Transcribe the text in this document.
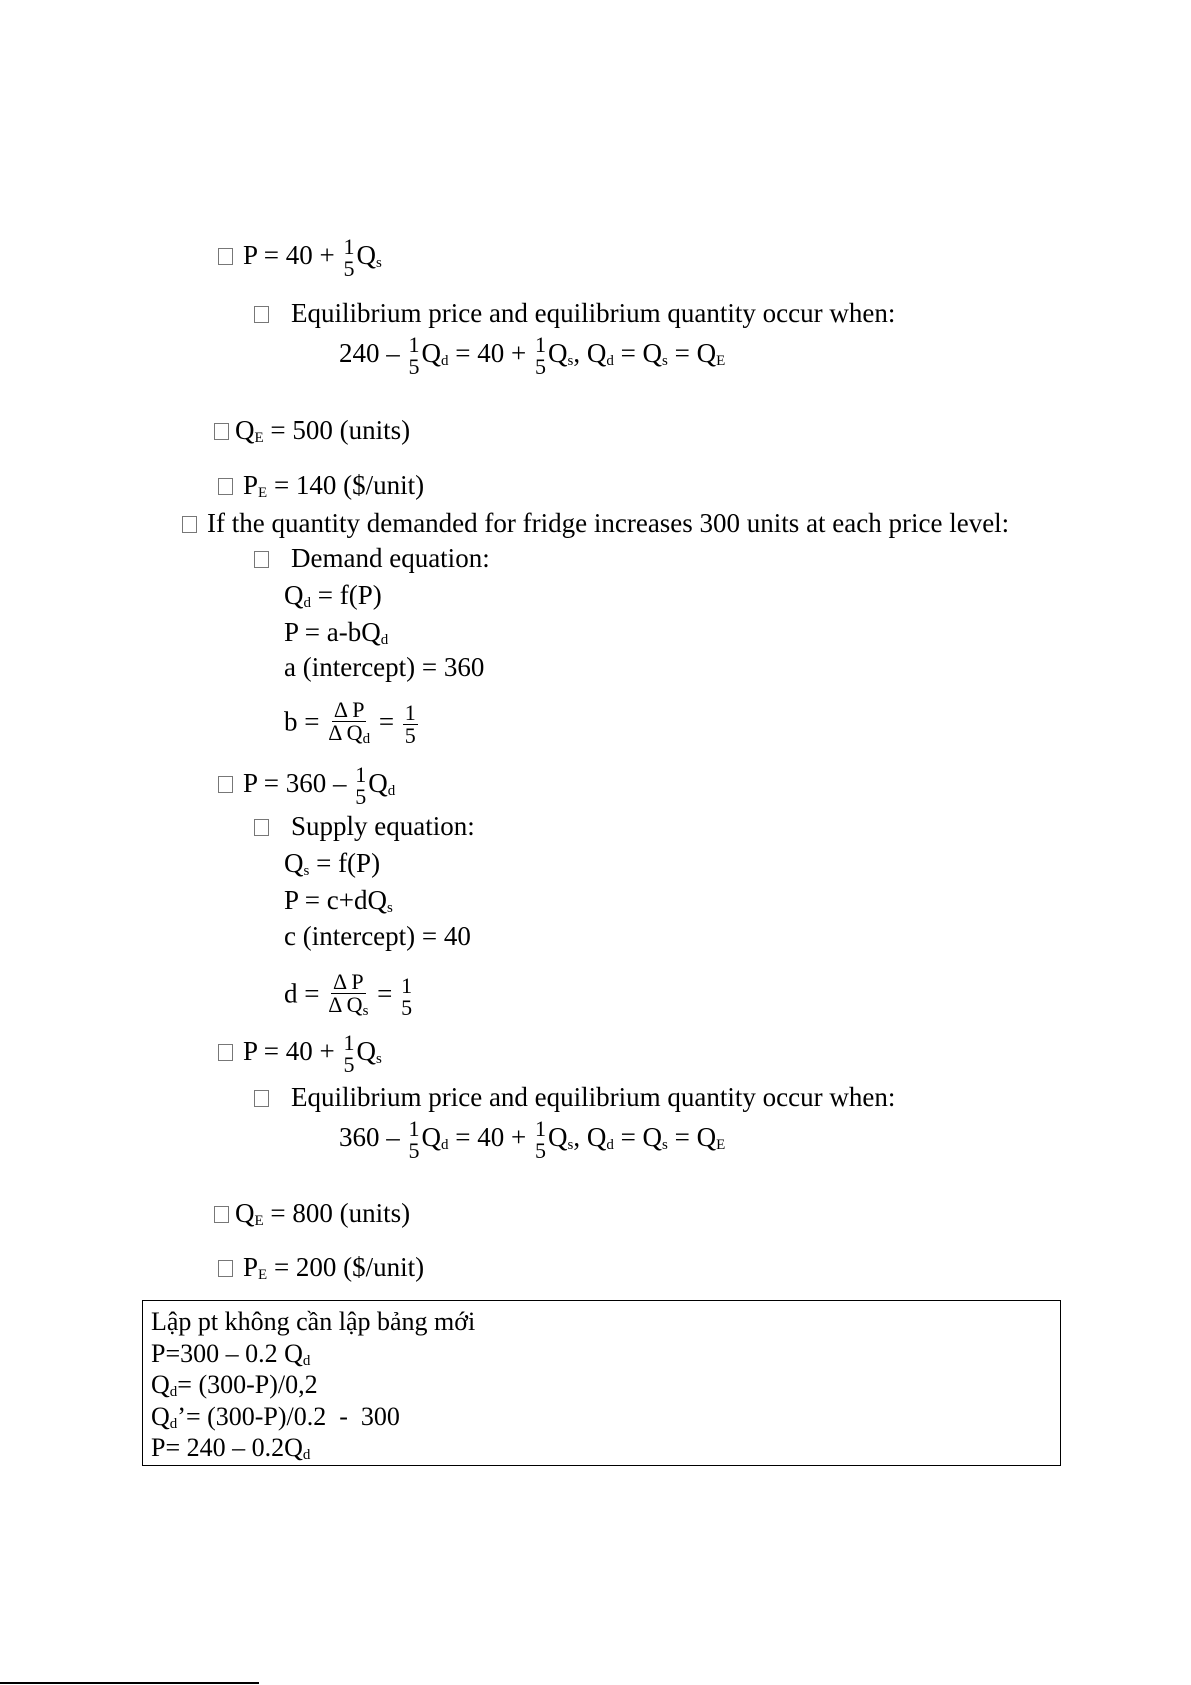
P = 40 + 1
5 $Q_s$
Equilibrium price and equilibrium quantity occur when:
240 – 1
5 $Q_d = 40 + 1$
5 $Q_s$, $Q_d = Q_s = Q_E$
$Q_E = 500$ (units)
$P_E = 140$ ($/unit)
If the quantity demanded for fridge increases 300 units at each price level:
Demand equation:
$Q_d = f(P)$
$P = a-bQ_d$
a (intercept) = 360
$b = \frac{\text{Δ P}}{\Delta Q_d} = \frac{1}{5}$
P = 360 – 1
5 $Q_d$
Supply equation:
$Q_s = f(P)$
$P = c+dQ_s$
c (intercept) = 40
$d = \frac{\text{Δ P}}{\Delta Q_s} = 1$
5
P = 40 + 1
5 $Q_s$
Equilibrium price and equilibrium quantity occur when:
360 – 1
5 $Q_d = 40 + 1$
5 $Q_s$, $Q_d = Q_s = Q_E$
$Q_E = 800$ (units)
$P_E = 200$ ($/unit)
Lập pt không cần lập bảng mới
P=300 – 0.2 $Q_d$
$Q_d= (300-P)/0,2$
$Q_d’= (300-P)/0.2 - 300$
$P= 240 - 0.2Q_d$
